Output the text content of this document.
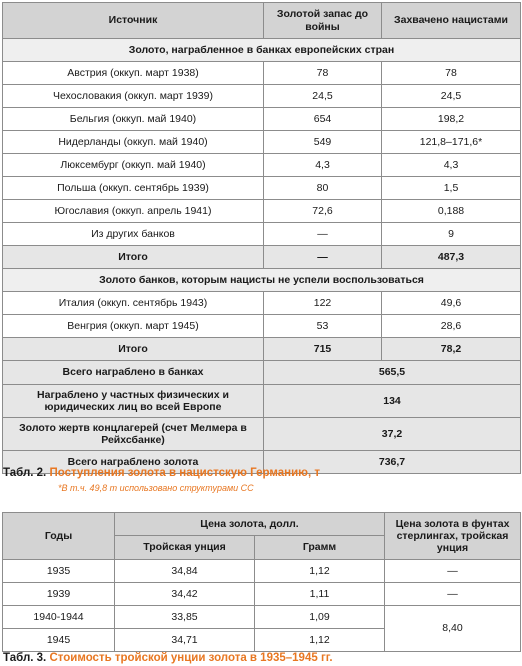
Источник	Золотой запас до войны	Захвачено нацистами
Золото, награбленное в банках европейских стран		
Австрия (оккуп. март 1938)	78	78
Чехословакия (оккуп. март 1939)	24,5	24,5
Бельгия (оккуп. май 1940)	654	198,2
Нидерланды (оккуп. май 1940)	549	121,8–171,6*
Люксембург (оккуп. май 1940)	4,3	4,3
Польша (оккуп. сентябрь 1939)	80	1,5
Югославия (оккуп. апрель 1941)	72,6	0,188
Из других банков	—	9
Итого	—	487,3
Золото банков, которым нацисты не успели воспользоваться		
Италия (оккуп. сентябрь 1943)	122	49,6
Венгрия (оккуп. март 1945)	53	28,6
Итого	715	78,2
Всего награблено в банках	565,5	
Награблено у частных физических и юридических лиц во всей Европе	134	
Золото жертв концлагерей (счет Мелмера в Рейхсбанке)	37,2	
Всего награблено золота	736,7	
Табл. 2. Поступления золота в нацистскую Германию, т
*В т.ч. 49,8 т использовано структурами СС
Годы	Цена золота, долл.		Цена золота в фунтах стерлингах, тройская унция
	Тройская унция	Грамм	
1935	34,84	1,12	—
1939	34,42	1,11	—
1940-1944	33,85	1,09	8,40
1945	34,71	1,12	
Табл. 3. Стоимость тройской унции золота в 1935–1945 гг.
